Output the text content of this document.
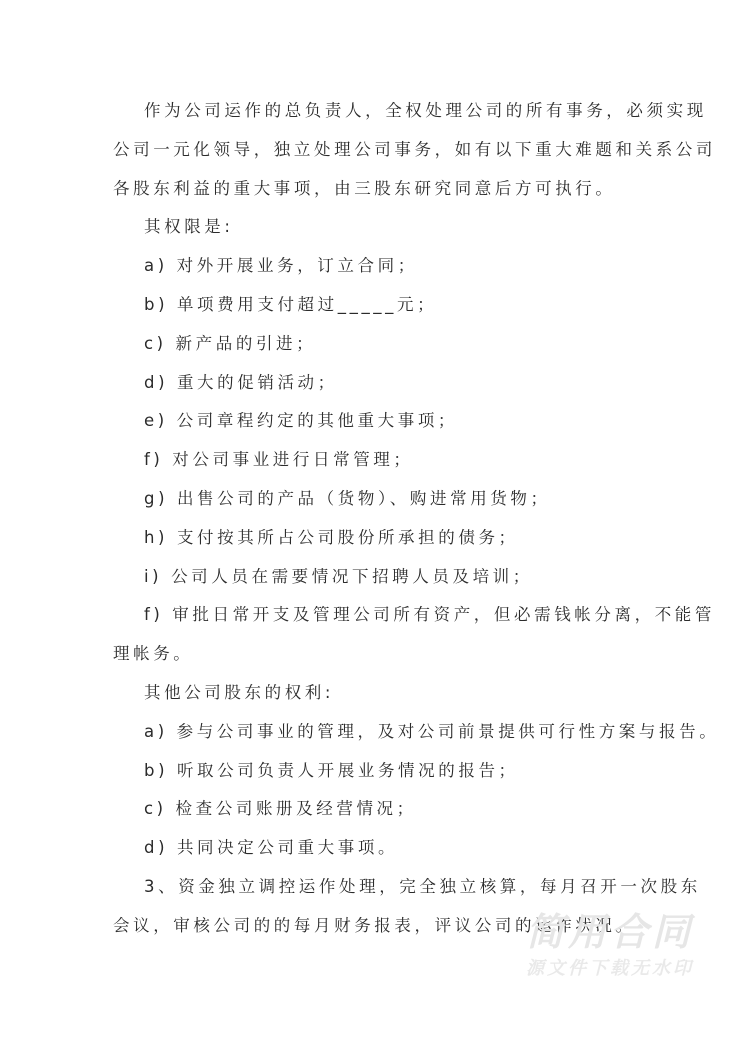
作为公司运作的总负责人，全权处理公司的所有事务，必须实现
公司一元化领导，独立处理公司事务，如有以下重大难题和关系公司
各股东利益的重大事项，由三股东研究同意后方可执行。
其权限是:
a) 对外开展业务，订立合同；
b) 单项费用支付超过_____元；
c) 新产品的引进；
d) 重大的促销活动；
e) 公司章程约定的其他重大事项；
f) 对公司事业进行日常管理；
g) 出售公司的产品（货物）、购进常用货物；
h) 支付按其所占公司股份所承担的债务；
i) 公司人员在需要情况下招聘人员及培训；
f) 审批日常开支及管理公司所有资产，但必需钱帐分离，不能管
理帐务。
其他公司股东的权利:
a) 参与公司事业的管理，及对公司前景提供可行性方案与报告。
b) 听取公司负责人开展业务情况的报告；
c) 检查公司账册及经营情况；
d) 共同决定公司重大事项。
3、资金独立调控运作处理，完全独立核算，每月召开一次股东
会议，审核公司的的每月财务报表，评议公司的运作状况。
简用合同
源文件下载无水印
